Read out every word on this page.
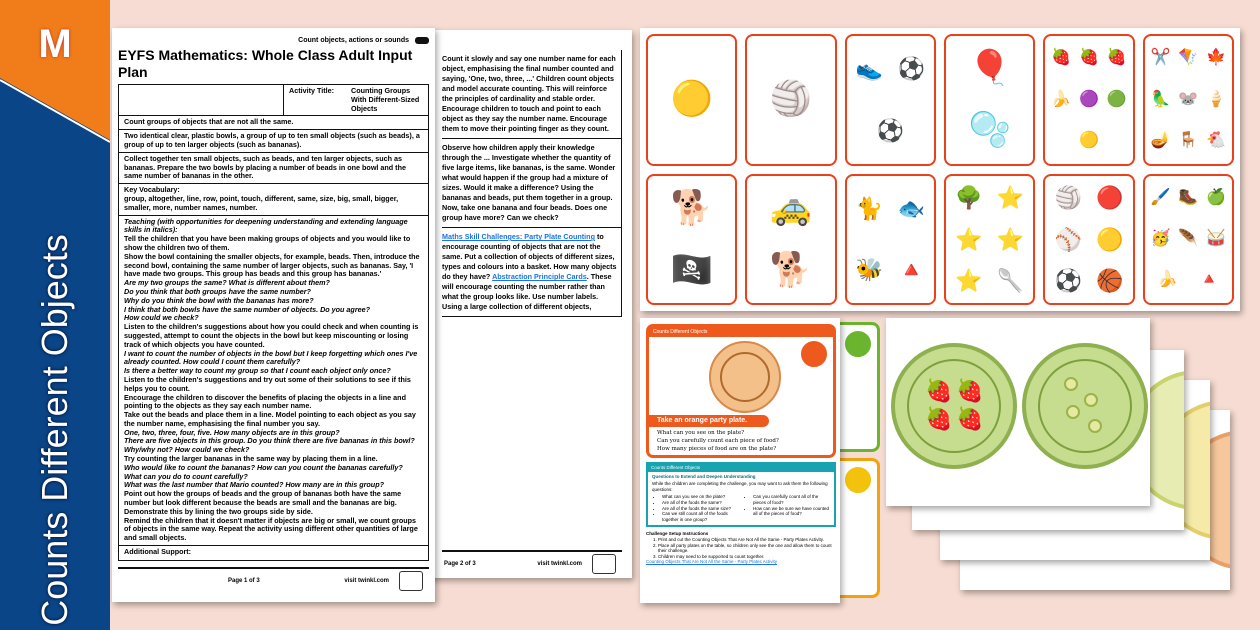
M
Counts Different Objects
Count it slowly and say one number name for each object, emphasising the final number counted and saying, 'One, two, three, ...' Children count objects and model accurate counting. This will reinforce the principles of cardinality and stable order. Encourage children to touch and point to each object as they say the number name. Encourage them to move their pointing finger as they count.
Observe how children apply their knowledge through the ... Investigate whether the quantity of five large items, like bananas, is the same. Wonder what would happen if the group had a mixture of sizes. Would it make a difference? Using the bananas and beads, put them together in a group. Now, take one banana and four beads. Does one group have more? Can we check?
Maths Skill Challenges: Party Plate Counting to encourage counting of objects that are not the same. Put a collection of objects of different sizes, types and colours into a basket. How many objects do they have? Abstraction Principle Cards. These will encourage counting the number rather than what the group looks like. Use number labels. Using a large collection of different objects,
Page 2 of 3	visit twinkl.com
Count objects, actions or sounds
EYFS Mathematics: Whole Class Adult Input Plan
Activity Title:	Counting Groups With Different-Sized Objects
Count groups of objects that are not all the same.
Two identical clear, plastic bowls, a group of up to ten small objects (such as beads), a group of up to ten larger objects (such as bananas).
Collect together ten small objects, such as beads, and ten larger objects, such as bananas. Prepare the two bowls by placing a number of beads in one bowl and the same number of bananas in the other.
Key Vocabulary:
group, altogether, line, row, point, touch, different, same, size, big, small, bigger, smaller, more, number names, number.
Teaching (with opportunities for deepening understanding and extending language skills in italics):
Tell the children that you have been making groups of objects and you would like to show the children two of them.
Show the bowl containing the smaller objects, for example, beads. Then, introduce the second bowl, containing the same number of larger objects, such as bananas. Say, 'I have made two groups. This group has beads and this group has bananas.'
Are my two groups the same? What is different about them?
Do you think that both groups have the same number?
Why do you think the bowl with the bananas has more?
I think that both bowls have the same number of objects. Do you agree?
How could we check?
Listen to the children's suggestions about how you could check and when counting is suggested, attempt to count the objects in the bowl but keep miscounting or losing track of which objects you have counted.
I want to count the number of objects in the bowl but I keep forgetting which ones I've already counted. How could I count them carefully?
Is there a better way to count my group so that I count each object only once?
Listen to the children's suggestions and try out some of their solutions to see if this helps you to count.
Encourage the children to discover the benefits of placing the objects in a line and pointing to the objects as they say each number name.
Take out the beads and place them in a line. Model pointing to each object as you say the number name, emphasising the final number you say.
One, two, three, four, five. How many objects are in this group?
There are five objects in this group. Do you think there are five bananas in this bowl?
Why/why not? How could we check?
Try counting the larger bananas in the same way by placing them in a line.
Who would like to count the bananas? How can you count the bananas carefully?
What can you do to count carefully?
What was the last number that Mario counted? How many are in this group?
Point out how the groups of beads and the group of bananas both have the same number but look different because the beads are small and the bananas are big. Demonstrate this by lining the two groups side by side.
Remind the children that it doesn't matter if objects are big or small, we count groups of objects in the same way. Repeat the activity using different other quantities of large and small objects.
Additional Support:
Page 1 of 3	visit twinkl.com
🟡 🏐
👟 ⚽
⚽
🎈
🫧
🍓 🍓 🍓
🍌 🟣 🟢
🟡
✂️ 🪁 🍁
🦜 🐭 🍦
🪔 🪑 🐔
🐕
🏴‍☠️
🚕
🐕
🐈 🐟
🐝 🔺
🌳 ⭐
⭐ ⭐
⭐ 🥄
🏐 🔴
⚾ 🟡
⚽ 🏀
🖌️ 🥾 🍏
🥳 🪶 🥁
🍌 🔺
Counts Different Objects
Take an orange party plate.
What can you see on the plate?
Can you carefully count each piece of food?
How many pieces of food are on the plate?
Counts Different Objects
Questions to Extend and Deepen Understanding
While the children are completing the challenge, you may want to ask them the following questions:
• What can you see on the plate?
• Are all of the foods the same?
• Are all of the foods the same size?
• Can we still count all of the foods together in one group?
• Can you carefully count all of the pieces of food?
• How can we be sure we have counted all of the pieces of food?
Challenge Setup Instructions
1. Print and cut the Counting Objects That Are Not All the Same - Party Plates Activity.
2. Place all party plates on the table, so children only see the one and allow them to count their challenge.
3. Children may need to be supported to count together.
Counting Objects That Are Not All the Same - Party Plates Activity
🍓🍓
🍓🍓
